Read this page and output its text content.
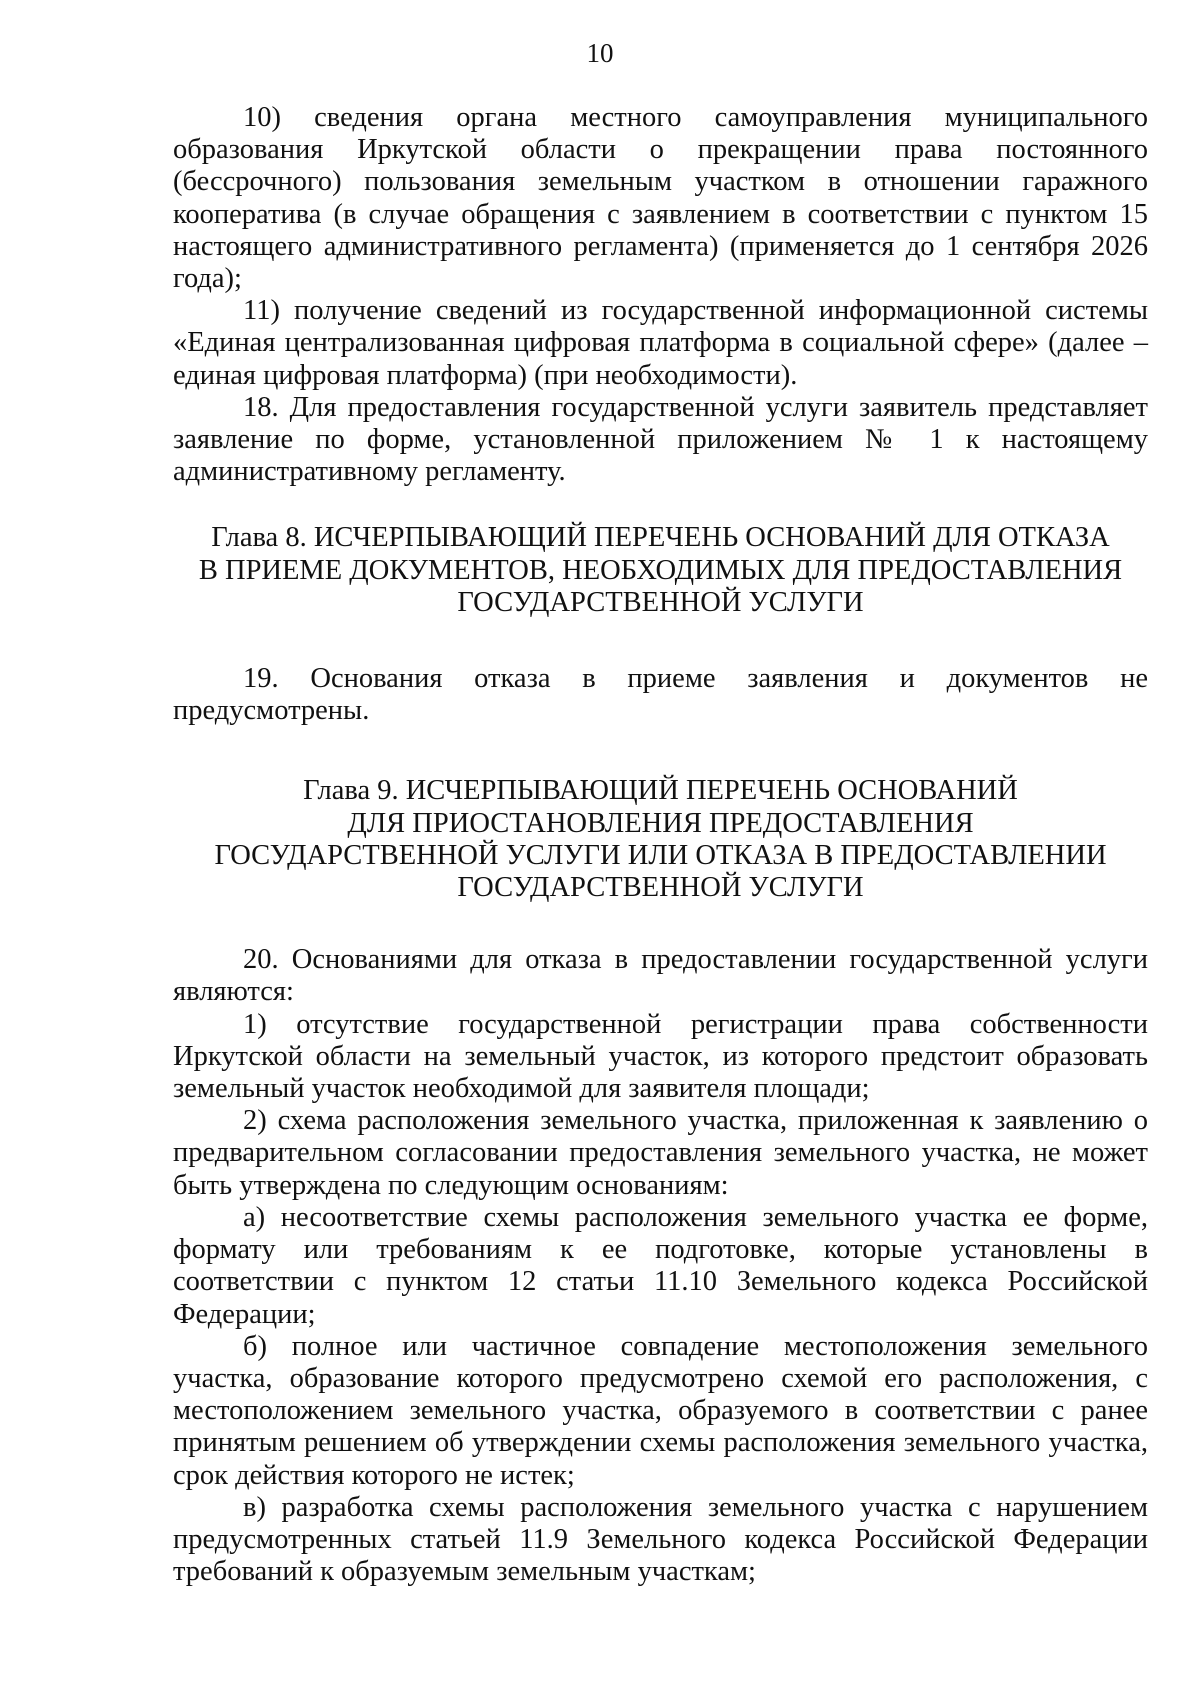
10

10) сведения органа местного самоуправления муниципального образования Иркутской области о прекращении права постоянного (бессрочного) пользования земельным участком в отношении гаражного кооператива (в случае обращения с заявлением в соответствии с пунктом 15 настоящего административного регламента) (применяется до 1 сентября 2026 года);

11) получение сведений из государственной информационной системы «Единая централизованная цифровая платформа в социальной сфере» (далее – единая цифровая платформа) (при необходимости).

18. Для предоставления государственной услуги заявитель представляет заявление по форме, установленной приложением № 1 к настоящему административному регламенту.

Глава 8. ИСЧЕРПЫВАЮЩИЙ ПЕРЕЧЕНЬ ОСНОВАНИЙ ДЛЯ ОТКАЗА
В ПРИЕМЕ ДОКУМЕНТОВ, НЕОБХОДИМЫХ ДЛЯ ПРЕДОСТАВЛЕНИЯ
ГОСУДАРСТВЕННОЙ УСЛУГИ

19. Основания отказа в приеме заявления и документов не предусмотрены.

Глава 9. ИСЧЕРПЫВАЮЩИЙ ПЕРЕЧЕНЬ ОСНОВАНИЙ
ДЛЯ ПРИОСТАНОВЛЕНИЯ ПРЕДОСТАВЛЕНИЯ
ГОСУДАРСТВЕННОЙ УСЛУГИ ИЛИ ОТКАЗА В ПРЕДОСТАВЛЕНИИ
ГОСУДАРСТВЕННОЙ УСЛУГИ

20. Основаниями для отказа в предоставлении государственной услуги являются:

1) отсутствие государственной регистрации права собственности Иркутской области на земельный участок, из которого предстоит образовать земельный участок необходимой для заявителя площади;

2) схема расположения земельного участка, приложенная к заявлению о предварительном согласовании предоставления земельного участка, не может быть утверждена по следующим основаниям:

а) несоответствие схемы расположения земельного участка ее форме, формату или требованиям к ее подготовке, которые установлены в соответствии с пунктом 12 статьи 11.10 Земельного кодекса Российской Федерации;

б) полное или частичное совпадение местоположения земельного участка, образование которого предусмотрено схемой его расположения, с местоположением земельного участка, образуемого в соответствии с ранее принятым решением об утверждении схемы расположения земельного участка, срок действия которого не истек;

в) разработка схемы расположения земельного участка с нарушением предусмотренных статьей 11.9 Земельного кодекса Российской Федерации требований к образуемым земельным участкам;
